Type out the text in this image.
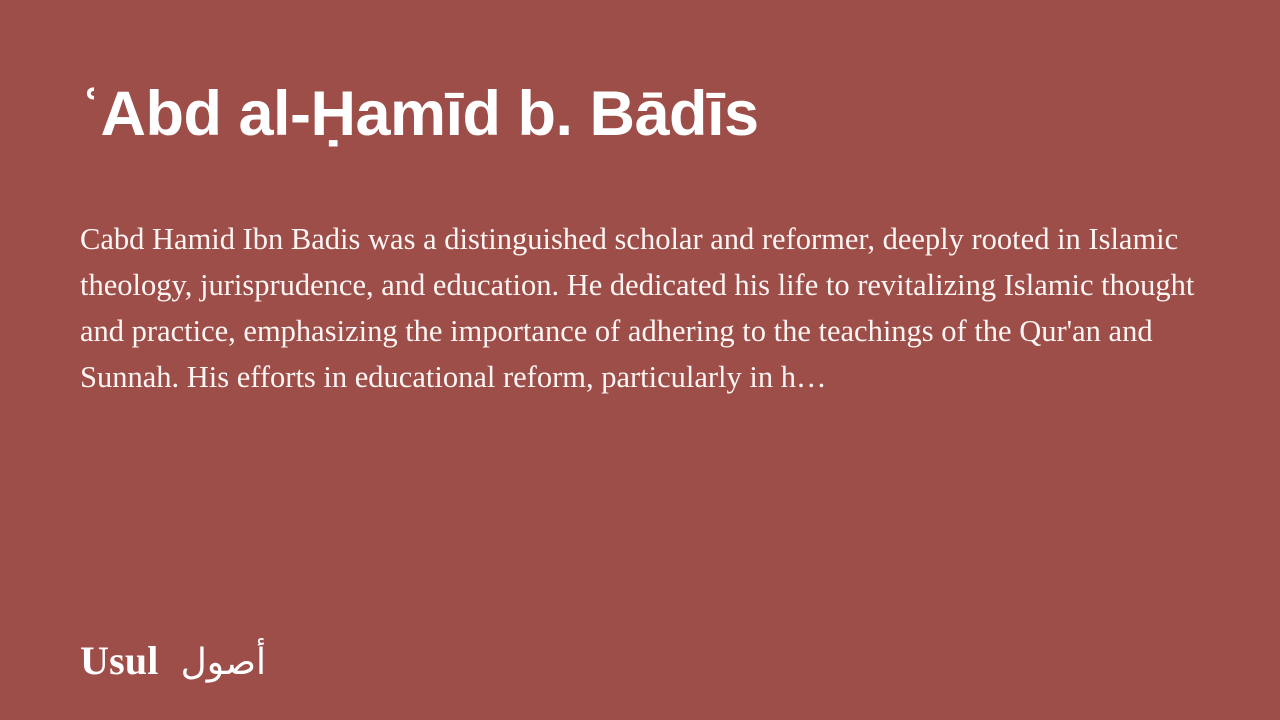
ʿAbd al-Ḥamīd b. Bādīs

Cabd Hamid Ibn Badis was a distinguished scholar and reformer, deeply rooted in Islamic theology, jurisprudence, and education. He dedicated his life to revitalizing Islamic thought and practice, emphasizing the importance of adhering to the teachings of the Qur'an and Sunnah. His efforts in educational reform, particularly in h…

Usul أصول
